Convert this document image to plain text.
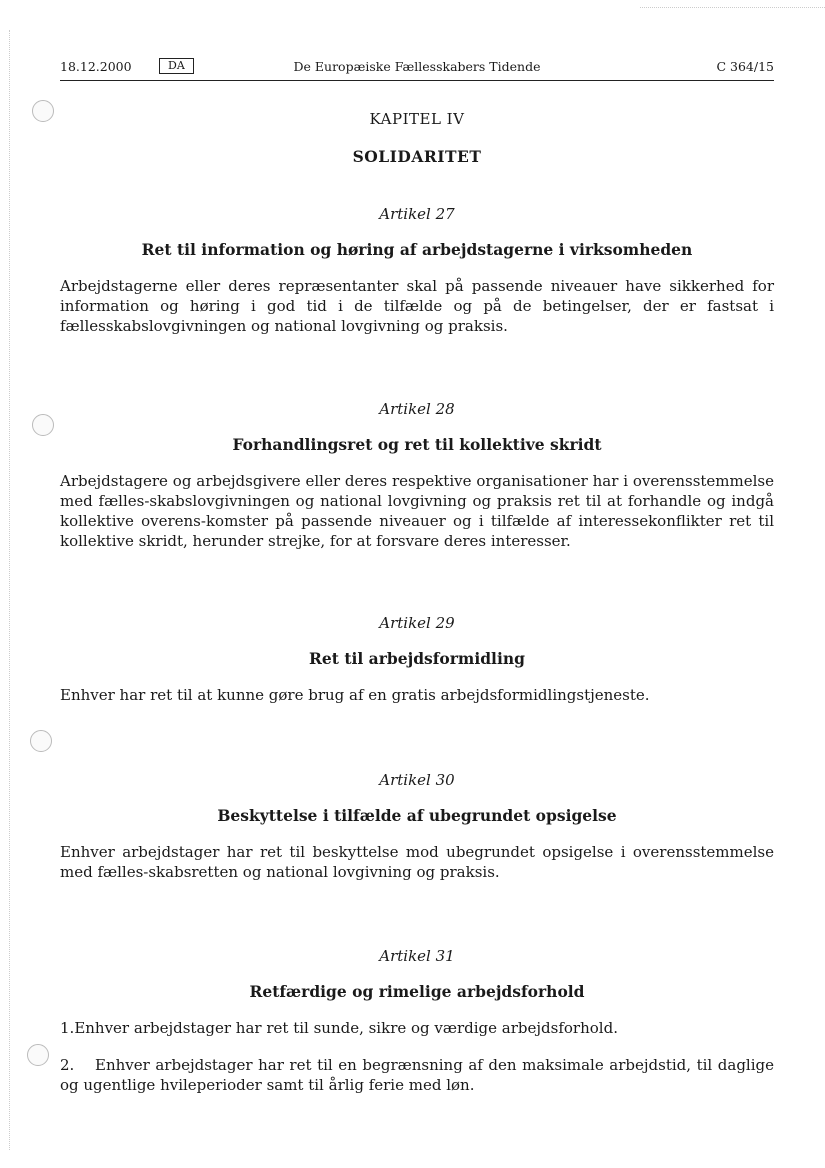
18.12.2000	DA	De Europæiske Fællesskabers Tidende	C 364/15
KAPITEL IV
SOLIDARITET
Artikel 27
Ret til information og høring af arbejdstagerne i virksomheden

Arbejdstagerne eller deres repræsentanter skal på passende niveauer have sikkerhed for information og høring i god tid i de tilfælde og på de betingelser, der er fastsat i fællesskabslovgivningen og national lovgivning og praksis.

Artikel 28
Forhandlingsret og ret til kollektive skridt

Arbejdstagere og arbejdsgivere eller deres respektive organisationer har i overensstemmelse med fælles-skabslovgivningen og national lovgivning og praksis ret til at forhandle og indgå kollektive overens-komster på passende niveauer og i tilfælde af interessekonflikter ret til kollektive skridt, herunder strejke, for at forsvare deres interesser.

Artikel 29
Ret til arbejdsformidling

Enhver har ret til at kunne gøre brug af en gratis arbejdsformidlingstjeneste.

Artikel 30
Beskyttelse i tilfælde af ubegrundet opsigelse

Enhver arbejdstager har ret til beskyttelse mod ubegrundet opsigelse i overensstemmelse med fælles-skabsretten og national lovgivning og praksis.

Artikel 31
Retfærdige og rimelige arbejdsforhold

1.Enhver arbejdstager har ret til sunde, sikre og værdige arbejdsforhold.

2. Enhver arbejdstager har ret til en begrænsning af den maksimale arbejdstid, til daglige og ugentlige hvileperioder samt til årlig ferie med løn.
